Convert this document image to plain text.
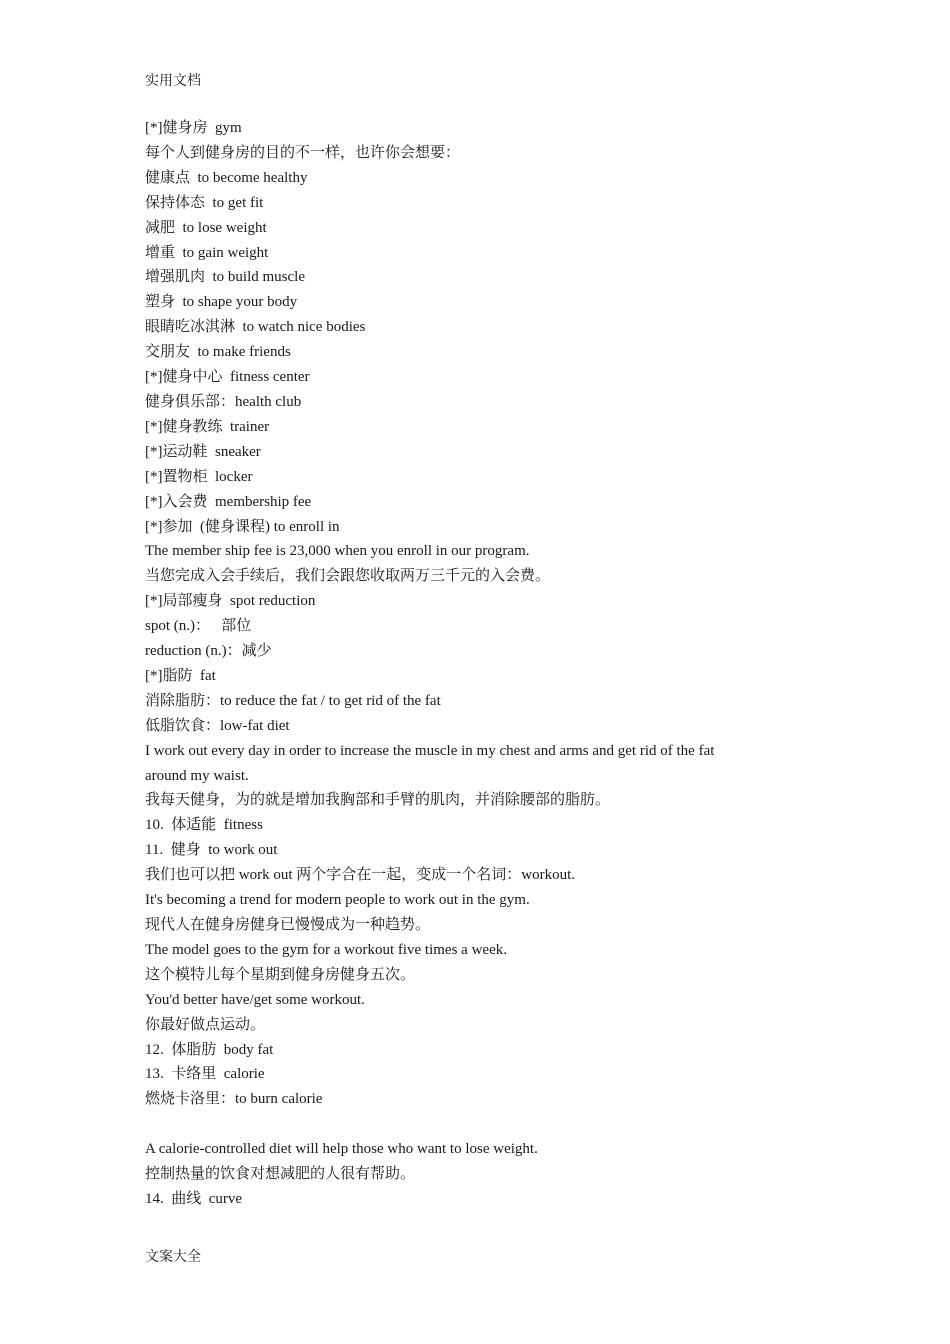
实用文档
[*]健身房  gym
每个人到健身房的目的不一样，也许你会想要：
健康点  to become healthy
保持体态  to get fit
减肥  to lose weight
增重  to gain weight
增强肌肉  to build muscle
塑身  to shape your body
眼睛吃冰淇淋  to watch nice bodies
交朋友  to make friends
[*]健身中心  fitness center
健身俱乐部：health club
[*]健身教练  trainer
[*]运动鞋  sneaker
[*]置物柜  locker
[*]入会费  membership fee
[*]参加  (健身课程) to enroll in
The member ship fee is 23,000 when you enroll in our program.
当您完成入会手续后，我们会跟您收取两万三千元的入会费。
[*]局部瘦身  spot reduction
spot (n.)：   部位
reduction (n.)：减少
[*]脂防  fat
消除脂肪：to reduce the fat / to get rid of the fat
低脂饮食：low-fat diet
I work out every day in order to increase the muscle in my chest and arms and get rid of the fat
around my waist.
我每天健身，为的就是增加我胸部和手臂的肌肉，并消除腰部的脂肪。
10.  体适能  fitness
11.  健身  to work out
我们也可以把 work out 两个字合在一起，变成一个名词：workout.
It's becoming a trend for modern people to work out in the gym.
现代人在健身房健身已慢慢成为一种趋势。
The model goes to the gym for a workout five times a week.
这个模特儿每个星期到健身房健身五次。
You'd better have/get some workout.
你最好做点运动。
12.  体脂肪  body fat
13.  卡络里  calorie
燃烧卡洛里：to burn calorie
A calorie-controlled diet will help those who want to lose weight.
控制热量的饮食对想减肥的人很有帮助。
14.  曲线  curve
文案大全
